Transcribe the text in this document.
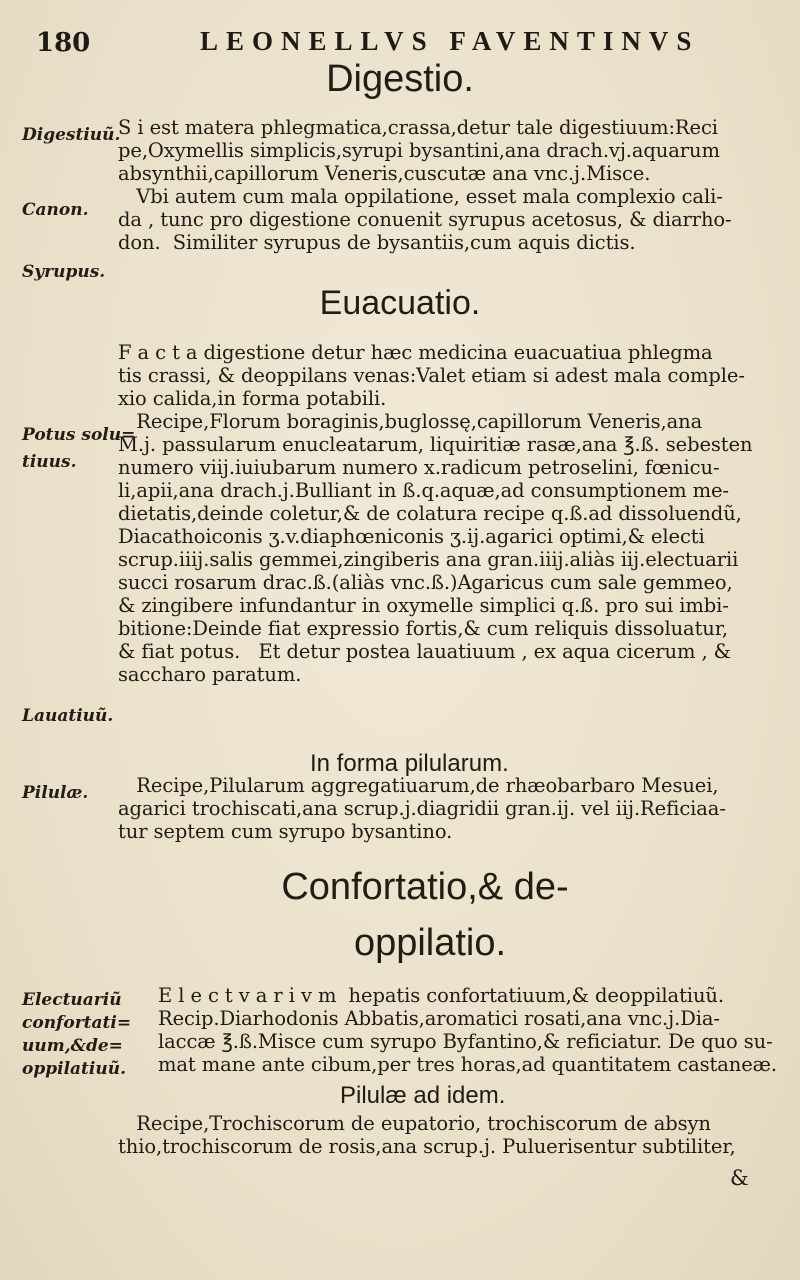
180	LEONELLVS FAVENTINVS
Digestio.
Digestiuũ.
Canon.
Syrupus.
S i est matera phlegmatica,crassa,detur tale digestiuum:Reci
pe,Oxymellis simplicis,syrupi bysantini,ana drach.vj.aquarum
absynthii,capillorum Veneris,cuscutæ ana vnc.j.Misce.
Vbi autem cum mala oppilatione, esset mala complexio cali-
da , tunc pro digestione conuenit syrupus acetosus, & diarrho-
don.  Similiter syrupus de bysantiis,cum aquis dictis.
Euacuatio.
Potus solu=
tiuus.
Lauatiuũ.
F a c t a digestione detur hæc medicina euacuatiua phlegma
tis crassi, & deoppilans venas:Valet etiam si adest mala comple-
xio calida,in forma potabili.
Recipe,Florum boraginis,buglossę,capillorum Veneris,ana
M.j. passularum enucleatarum, liquiritiæ rasæ,ana ℥.ß. sebesten
numero viij.iuiubarum numero x.radicum petroselini, fœnicu-
li,apii,ana drach.j.Bulliant in ß.q.aquæ,ad consumptionem me-
dietatis,deinde coletur,& de colatura recipe q.ß.ad dissoluendũ,
Diacathoiconis ʒ.v.diaphœniconis ʒ.ij.agarici optimi,& electi
scrup.iiij.salis gemmei,zingiberis ana gran.iiij.aliàs iij.electuarii
succi rosarum drac.ß.(aliàs vnc.ß.)Agaricus cum sale gemmeo,
& zingibere infundantur in oxymelle simplici q.ß. pro sui imbi-
bitione:Deinde fiat expressio fortis,& cum reliquis dissoluatur,
& fiat potus.   Et detur postea lauatiuum , ex aqua cicerum , &
saccharo paratum.
In forma pilularum.
Pilulæ.	Recipe,Pilularum aggregatiuarum,de rhæobarbaro Mesuei,
agarici trochiscati,ana scrup.j.diagridii gran.ij. vel iij.Reficiaa-
tur septem cum syrupo bysantino.
Confortatio,& de-
oppilatio.
Electuariũ
confortati=
uum,&de=
oppilatiuũ.
E l e c t v a r i v m  hepatis confortatiuum,& deoppilatiuũ.
Recip.Diarhodonis Abbatis,aromatici rosati,ana vnc.j.Dia-
laccæ ℥.ß.Misce cum syrupo Byfantino,& reficiatur. De quo su-
mat mane ante cibum,per tres horas,ad quantitatem castaneæ.
Pilulæ ad idem.
Recipe,Trochiscorum de eupatorio, trochiscorum de absyn
thio,trochiscorum de rosis,ana scrup.j. Puluerisentur subtiliter,
&
